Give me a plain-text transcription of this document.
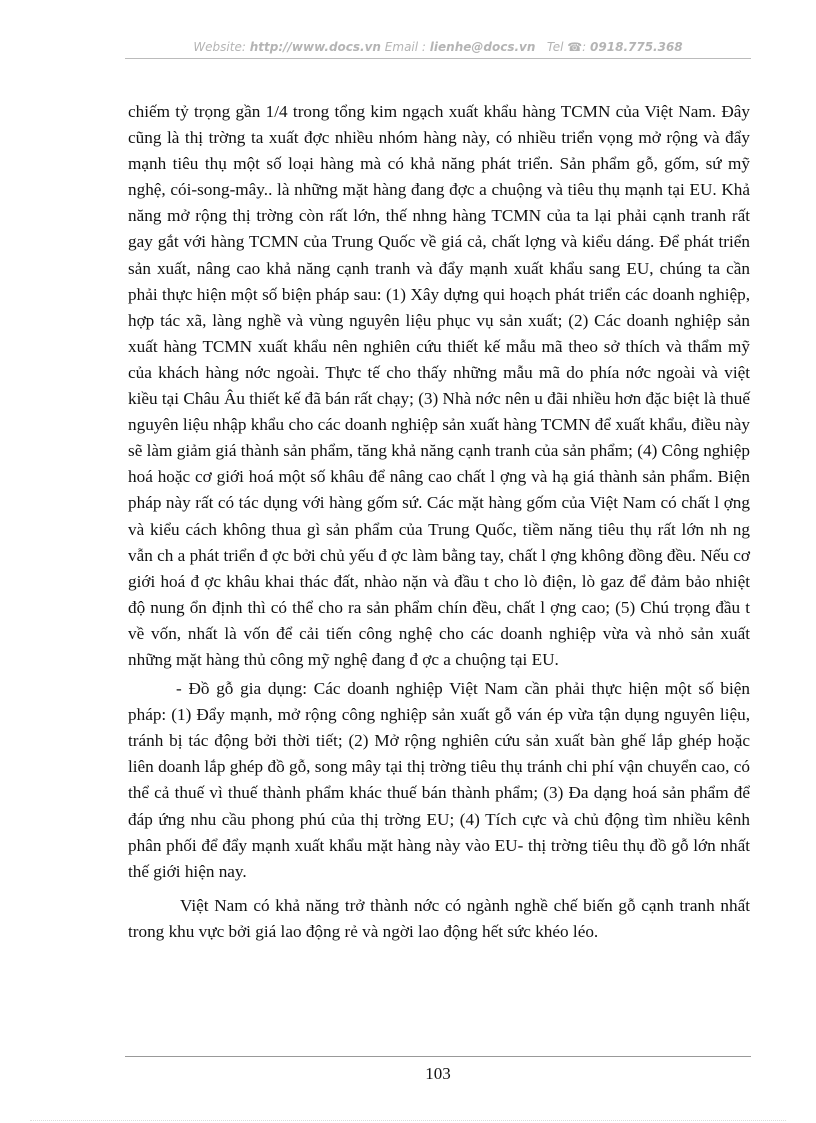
Website: http://www.docs.vn Email : lienhe@docs.vn Tel ☎: 0918.775.368

chiếm tỷ trọng gần 1/4 trong tổng kim ngạch xuất khẩu hàng TCMN của Việt Nam. Đây cũng là thị trờng ta xuất đợc nhiều nhóm hàng này, có nhiều triển vọng mở rộng và đẩy mạnh tiêu thụ một số loại hàng mà có khả năng phát triển. Sản phẩm gỗ, gốm, sứ mỹ nghệ, cói-song-mây.. là những mặt hàng đang đợc a chuộng và tiêu thụ mạnh tại EU. Khả năng mở rộng thị trờng còn rất lớn, thế nhng hàng TCMN của ta lại phải cạnh tranh rất gay gắt với hàng TCMN của Trung Quốc về giá cả, chất lợng và kiểu dáng. Để phát triển sản xuất, nâng cao khả năng cạnh tranh và đẩy mạnh xuất khẩu sang EU, chúng ta cần phải thực hiện một số biện pháp sau: (1) Xây dựng qui hoạch phát triển các doanh nghiệp, hợp tác xã, làng nghề và vùng nguyên liệu phục vụ sản xuất; (2) Các doanh nghiệp sản xuất hàng TCMN xuất khẩu nên nghiên cứu thiết kế mẫu mã theo sở thích và thẩm mỹ của khách hàng nớc ngoài. Thực tế cho thấy những mẫu mã do phía nớc ngoài và việt kiều tại Châu Âu thiết kế đã bán rất chạy; (3) Nhà nớc nên u đãi nhiều hơn đặc biệt là thuế nguyên liệu nhập khẩu cho các doanh nghiệp sản xuất hàng TCMN để xuất khẩu, điều này sẽ làm giảm giá thành sản phẩm, tăng khả năng cạnh tranh của sản phẩm; (4) Công nghiệp hoá hoặc cơ giới hoá một số khâu để nâng cao chất l ợng và hạ giá thành sản phẩm. Biện pháp này rất có tác dụng với hàng gốm sứ. Các mặt hàng gốm của Việt Nam có chất l ợng và kiểu cách không thua gì sản phẩm của Trung Quốc, tiềm năng tiêu thụ rất lớn nh ng vẫn ch a phát triển đ ợc bởi chủ yếu đ ợc làm bằng tay, chất l ợng không đồng đều. Nếu cơ giới hoá đ ợc khâu khai thác đất, nhào nặn và đầu t cho lò điện, lò gaz để đảm bảo nhiệt độ nung ổn định thì có thể cho ra sản phẩm chín đều, chất l ợng cao; (5) Chú trọng đầu t về vốn, nhất là vốn để cải tiến công nghệ cho các doanh nghiệp vừa và nhỏ sản xuất những mặt hàng thủ công mỹ nghệ đang đ ợc a chuộng tại EU.

- Đồ gỗ gia dụng: Các doanh nghiệp Việt Nam cần phải thực hiện một số biện pháp: (1) Đẩy mạnh, mở rộng công nghiệp sản xuất gỗ ván ép vừa tận dụng nguyên liệu, tránh bị tác động bởi thời tiết; (2) Mở rộng nghiên cứu sản xuất bàn ghế lắp ghép hoặc liên doanh lắp ghép đồ gỗ, song mây tại thị trờng tiêu thụ tránh chi phí vận chuyển cao, có thể cả thuế vì thuế thành phẩm khác thuế bán thành phẩm; (3) Đa dạng hoá sản phẩm để đáp ứng nhu cầu phong phú của thị trờng EU; (4) Tích cực và chủ động tìm nhiều kênh phân phối để đẩy mạnh xuất khẩu mặt hàng này vào EU- thị trờng tiêu thụ đồ gỗ lớn nhất thế giới hiện nay.

Việt Nam có khả năng trở thành nớc có ngành nghề chế biến gỗ cạnh tranh nhất trong khu vực bởi giá lao động rẻ và ngời lao động hết sức khéo léo.

103
